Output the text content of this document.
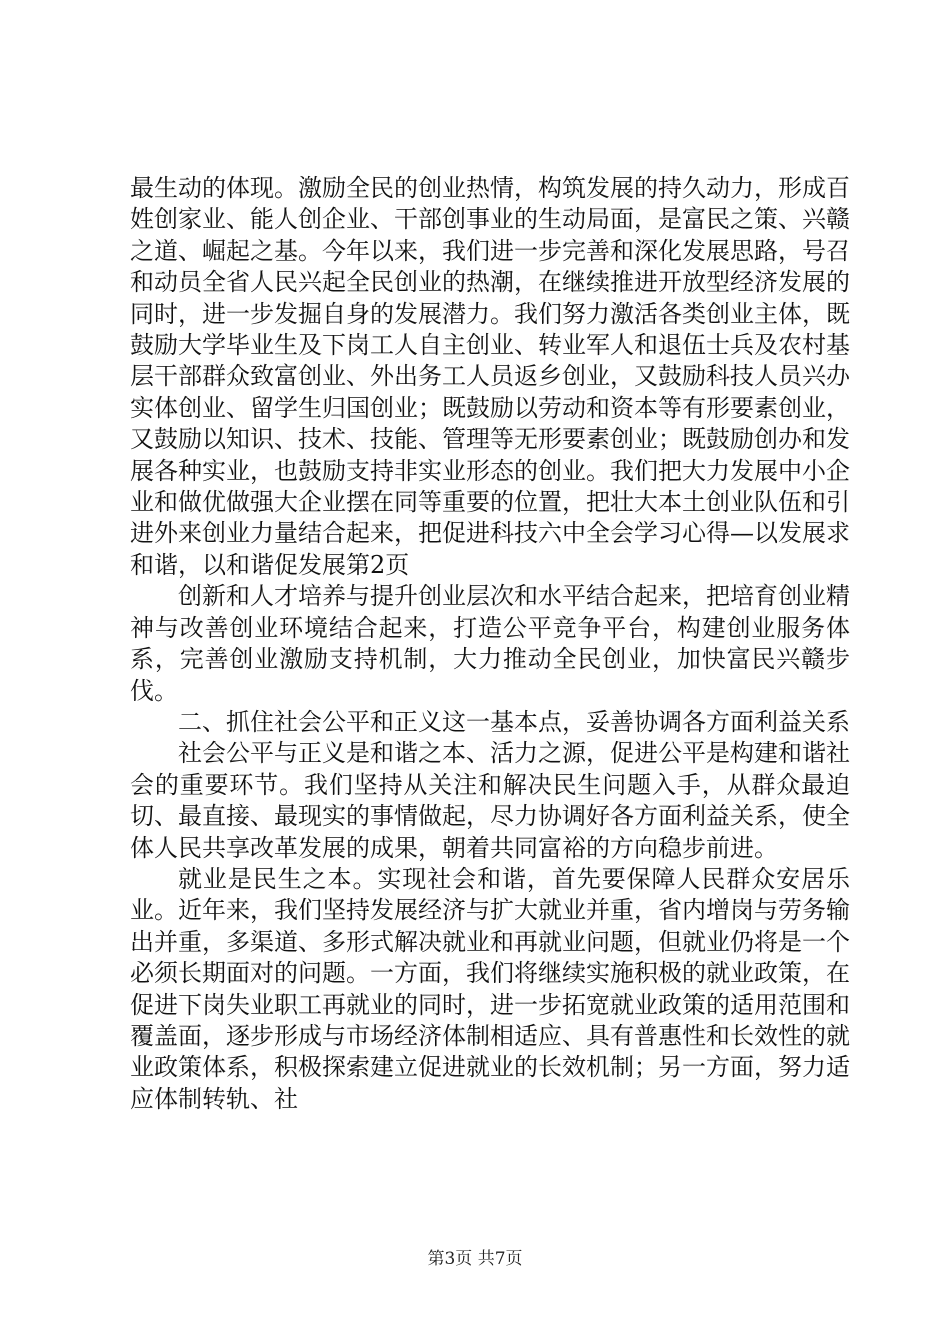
最生动的体现。激励全民的创业热情，构筑发展的持久动力，形成百姓创家业、能人创企业、干部创事业的生动局面，是富民之策、兴赣之道、崛起之基。今年以来，我们进一步完善和深化发展思路，号召和动员全省人民兴起全民创业的热潮，在继续推进开放型经济发展的同时，进一步发掘自身的发展潜力。我们努力激活各类创业主体，既鼓励大学毕业生及下岗工人自主创业、转业军人和退伍士兵及农村基层干部群众致富创业、外出务工人员返乡创业，又鼓励科技人员兴办实体创业、留学生归国创业；既鼓励以劳动和资本等有形要素创业，又鼓励以知识、技术、技能、管理等无形要素创业；既鼓励创办和发展各种实业，也鼓励支持非实业形态的创业。我们把大力发展中小企业和做优做强大企业摆在同等重要的位置，把壮大本土创业队伍和引进外来创业力量结合起来，把促进科技六中全会学习心得—以发展求和谐，以和谐促发展第2页

创新和人才培养与提升创业层次和水平结合起来，把培育创业精神与改善创业环境结合起来，打造公平竞争平台，构建创业服务体系，完善创业激励支持机制，大力推动全民创业，加快富民兴赣步伐。

二、抓住社会公平和正义这一基本点，妥善协调各方面利益关系

社会公平与正义是和谐之本、活力之源，促进公平是构建和谐社会的重要环节。我们坚持从关注和解决民生问题入手，从群众最迫切、最直接、最现实的事情做起，尽力协调好各方面利益关系，使全体人民共享改革发展的成果，朝着共同富裕的方向稳步前进。

就业是民生之本。实现社会和谐，首先要保障人民群众安居乐业。近年来，我们坚持发展经济与扩大就业并重，省内增岗与劳务输出并重，多渠道、多形式解决就业和再就业问题，但就业仍将是一个必须长期面对的问题。一方面，我们将继续实施积极的就业政策，在促进下岗失业职工再就业的同时，进一步拓宽就业政策的适用范围和覆盖面，逐步形成与市场经济体制相适应、具有普惠性和长效性的就业政策体系，积极探索建立促进就业的长效机制；另一方面，努力适应体制转轨、社

第3页 共7页
